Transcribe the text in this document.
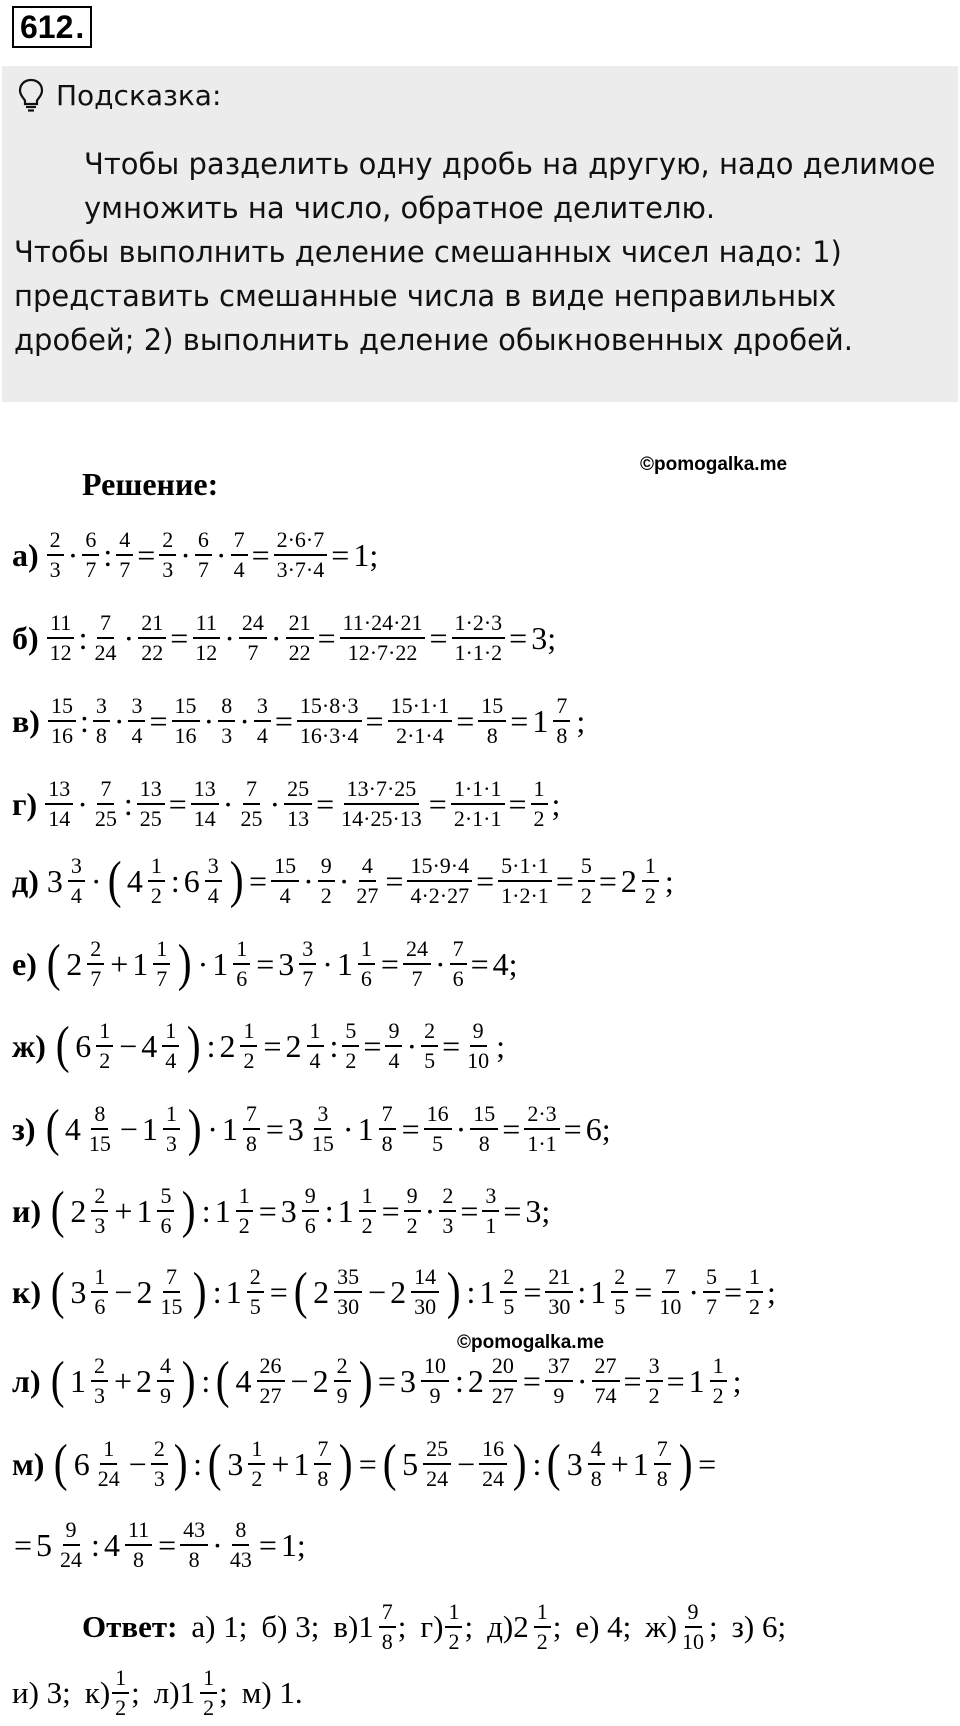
612.
Подсказка:

Чтобы разделить одну дробь на другую, надо делимое умножить на число, обратное делителю.

Чтобы выполнить деление смешанных чисел надо: 1) представить смешанные числа в виде неправильных дробей; 2) выполнить деление обыкновенных дробей.

©pomogalka.me
Решение:
$а) \frac{2}{3} \cdot \frac{6}{7}$ : $\frac{4}{7} = \frac{2}{3} \cdot \frac{6}{7} \cdot \frac{7}{4} = \frac{2\cdot 6\cdot 7}{3\cdot 7\cdot 4} = 1$;
$б) \frac{11}{12}$ : $\frac{7}{24} \cdot \frac{21}{22} = \frac{11}{12} \cdot \frac{24}{7} \cdot \frac{21}{22} = \frac{11\cdot 24\cdot 21}{12\cdot 7\cdot 22} = \frac{1\cdot 2\cdot 3}{1\cdot 1\cdot 2} = 3$;
$в) \frac{15}{16}$ : $\frac{3}{8} \cdot \frac{3}{4} = \frac{15}{16} \cdot \frac{8}{3} \cdot \frac{3}{4} = \frac{15\cdot 8\cdot 3}{16\cdot 3\cdot 4} = \frac{15\cdot 1\cdot 1}{2\cdot 1\cdot 4} = \frac{15}{8} = 1 \frac{7}{8}$ ;
$г) \frac{13}{14} \cdot \frac{7}{25}$ : $\frac{13}{25} = \frac{13}{14} \cdot \frac{7}{25} \cdot \frac{25}{13} = \frac{13\cdot 7\cdot 25}{14\cdot 25\cdot 13} = \frac{1\cdot 1\cdot 1}{2\cdot 1\cdot 1} = \frac{1}{2}$ ;
д) $3 \frac{3}{4}$ · ( $4 \frac{1}{2}$ : $6 \frac{3}{4}$ ) = $\frac{15}{4} \cdot \frac{9}{2} \cdot \frac{4}{27} = \frac{15\cdot 9\cdot 4}{4\cdot 2\cdot 27} = \frac{5\cdot 1\cdot 1}{1\cdot 2\cdot 1} = \frac{5}{2} = 2 \frac{1}{2}$ ;
е) ( $2 \frac{2}{7} + 1 \frac{1}{7}$ ) · $1 \frac{1}{6} = 3 \frac{3}{7} \cdot 1 \frac{1}{6} = \frac{24}{7} \cdot \frac{7}{6} = 4$;
ж) ( $6 \frac{1}{2} - 4 \frac{1}{4}$ ) : $2 \frac{1}{2} = 2 \frac{1}{4}$ : $\frac{5}{2} = \frac{9}{4} \cdot \frac{2}{5} = \frac{9}{10}$ ;
з) ( $4 \frac{8}{15} - 1 \frac{1}{3}$ ) · $1 \frac{7}{8} = 3 \frac{3}{15} \cdot 1 \frac{7}{8} = \frac{16}{5} \cdot \frac{15}{8} = \frac{2\cdot 3}{1\cdot 1} = 6$;
и) ( $2 \frac{2}{3} + 1 \frac{5}{6}$ ) : $1 \frac{1}{2} = 3 \frac{9}{6}$ : $1 \frac{1}{2} = \frac{9}{2} \cdot \frac{2}{3} = \frac{3}{1} = 3$;
к) ( $3 \frac{1}{6} - 2 \frac{7}{15}$ ) : $1 \frac{2}{5}$ = ( $2 \frac{35}{30} - 2 \frac{14}{30}$ ) : $1 \frac{2}{5} = \frac{21}{30}$ : $1 \frac{2}{5} = \frac{7}{10} \cdot \frac{5}{7} = \frac{1}{2}$ ;
©pomogalka.me
л) ( $1 \frac{2}{3} + 2 \frac{4}{9}$ ) : ( $4 \frac{26}{27} - 2 \frac{2}{9}$ ) = $3 \frac{10}{9}$ : $2 \frac{20}{27} = \frac{37}{9} \cdot \frac{27}{74} = \frac{3}{2} = 1 \frac{1}{2}$ ;
м) ( $6 \frac{1}{24} - \frac{2}{3}$ ) : ( $3 \frac{1}{2} + 1 \frac{7}{8}$ ) = ( $5 \frac{25}{24} - \frac{16}{24}$ ) : ( $3 \frac{4}{8} + 1 \frac{7}{8}$ ) =
= $5 \frac{9}{24}$ : $4 \frac{11}{8} = \frac{43}{8} \cdot \frac{8}{43} = 1$;
Ответ: а) 1; б) 3; в) $1 \frac{7}{8}$ ; $г) \frac{1}{2}$ ; д) $2 \frac{1}{2}$ ; е) 4; $ж) \frac{9}{10}$ ; з) 6;
и) 3; $к) \frac{1}{2}$ ; л) $1 \frac{1}{2}$ ; м) 1.
